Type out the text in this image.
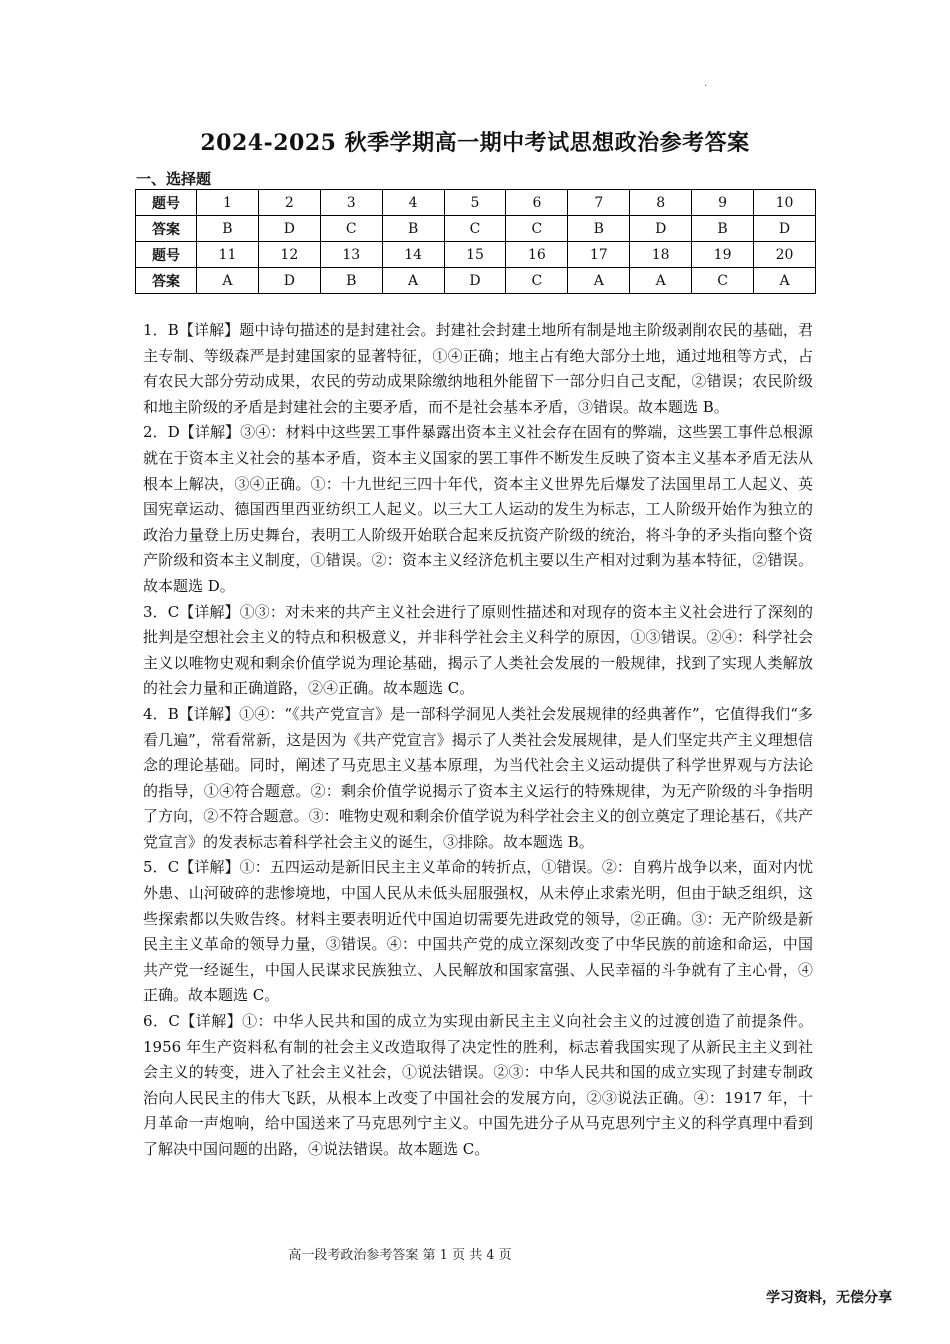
.
2024-2025 秋季学期高一期中考试思想政治参考答案
一、选择题
题号	1	2	3	4	5	6	7	8	9	10
答案	B	D	C	B	C	C	B	D	B	D
题号	11	12	13	14	15	16	17	18	19	20
答案	A	D	B	A	D	C	A	A	C	A

1．B【详解】题中诗句描述的是封建社会。封建社会封建土地所有制是地主阶级剥削农民的基础，君主专制、等级森严是封建国家的显著特征，①④正确；地主占有绝大部分土地，通过地租等方式，占有农民大部分劳动成果，农民的劳动成果除缴纳地租外能留下一部分归自己支配，②错误；农民阶级和地主阶级的矛盾是封建社会的主要矛盾，而不是社会基本矛盾，③错误。故本题选 B。

2．D【详解】③④：材料中这些罢工事件暴露出资本主义社会存在固有的弊端，这些罢工事件总根源就在于资本主义社会的基本矛盾，资本主义国家的罢工事件不断发生反映了资本主义基本矛盾无法从根本上解决，③④正确。①：十九世纪三四十年代，资本主义世界先后爆发了法国里昂工人起义、英国宪章运动、德国西里西亚纺织工人起义。以三大工人运动的发生为标志，工人阶级开始作为独立的政治力量登上历史舞台，表明工人阶级开始联合起来反抗资产阶级的统治，将斗争的矛头指向整个资产阶级和资本主义制度，①错误。②：资本主义经济危机主要以生产相对过剩为基本特征，②错误。故本题选 D。

3．C【详解】①③：对未来的共产主义社会进行了原则性描述和对现存的资本主义社会进行了深刻的批判是空想社会主义的特点和积极意义，并非科学社会主义科学的原因，①③错误。②④：科学社会主义以唯物史观和剩余价值学说为理论基础，揭示了人类社会发展的一般规律，找到了实现人类解放的社会力量和正确道路，②④正确。故本题选 C。

4．B【详解】①④：“《共产党宣言》是一部科学洞见人类社会发展规律的经典著作”，它值得我们“多看几遍”，常看常新，这是因为《共产党宣言》揭示了人类社会发展规律，是人们坚定共产主义理想信念的理论基础。同时，阐述了马克思主义基本原理，为当代社会主义运动提供了科学世界观与方法论的指导，①④符合题意。②：剩余价值学说揭示了资本主义运行的特殊规律，为无产阶级的斗争指明了方向，②不符合题意。③：唯物史观和剩余价值学说为科学社会主义的创立奠定了理论基石，《共产党宣言》的发表标志着科学社会主义的诞生，③排除。故本题选 B。

5．C【详解】①：五四运动是新旧民主主义革命的转折点，①错误。②：自鸦片战争以来，面对内忧外患、山河破碎的悲惨境地，中国人民从未低头屈服强权，从未停止求索光明，但由于缺乏组织，这些探索都以失败告终。材料主要表明近代中国迫切需要先进政党的领导，②正确。③：无产阶级是新民主主义革命的领导力量，③错误。④：中国共产党的成立深刻改变了中华民族的前途和命运，中国共产党一经诞生，中国人民谋求民族独立、人民解放和国家富强、人民幸福的斗争就有了主心骨，④正确。故本题选 C。

6．C【详解】①：中华人民共和国的成立为实现由新民主主义向社会主义的过渡创造了前提条件。1956 年生产资料私有制的社会主义改造取得了决定性的胜利，标志着我国实现了从新民主主义到社会主义的转变，进入了社会主义社会，①说法错误。②③：中华人民共和国的成立实现了封建专制政治向人民民主的伟大飞跃，从根本上改变了中国社会的发展方向，②③说法正确。④：1917 年，十月革命一声炮响，给中国送来了马克思列宁主义。中国先进分子从马克思列宁主义的科学真理中看到了解决中国问题的出路，④说法错误。故本题选 C。

高一段考政治参考答案 第 1 页 共 4 页
学习资料，无偿分享
